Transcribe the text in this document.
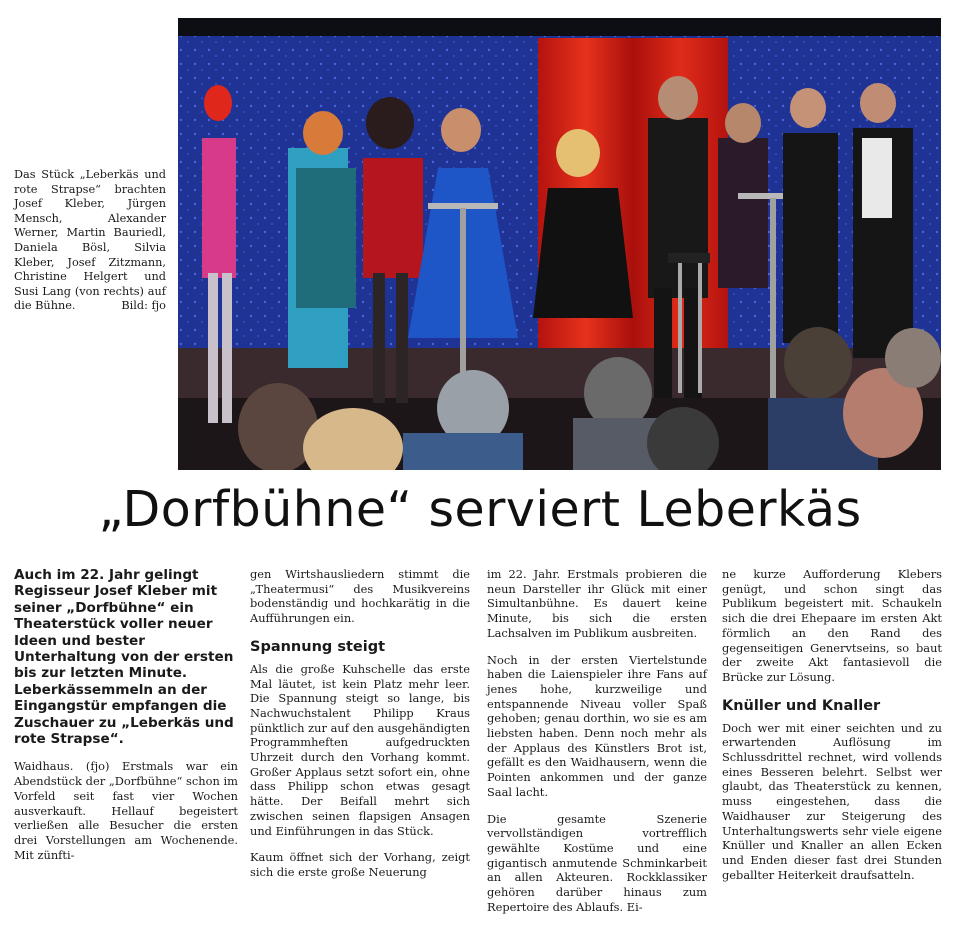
Das Stück „Leberkäs und rote Strapse“ brachten Josef Kleber, Jürgen Mensch, Alexander Werner, Martin Bauriedl, Daniela Bösl, Silvia Kleber, Josef Zitzmann, Christine Helgert und Susi Lang (von rechts) auf die Bühne.	Bild: fjo
„Dorfbühne“ serviert Leberkäs

Auch im 22. Jahr gelingt Regisseur Josef Kleber mit seiner „Dorfbühne“ ein Theaterstück voller neuer Ideen und bester Unterhaltung von der ersten bis zur letzten Minute. Leberkässemmeln an der Eingangstür empfangen die Zuschauer zu „Leberkäs und rote Strapse“.

Waidhaus. (fjo) Erstmals war ein Abendstück der „Dorfbühne“ schon im Vorfeld seit fast vier Wochen ausverkauft. Hellauf begeistert verließen alle Besucher die ersten drei Vorstellungen am Wochenende. Mit zünfti-

gen Wirtshausliedern stimmt die „Theatermusi“ des Musikvereins bodenständig und hochkarätig in die Aufführungen ein.

Spannung steigt

Als die große Kuhschelle das erste Mal läutet, ist kein Platz mehr leer. Die Spannung steigt so lange, bis Nachwuchstalent Philipp Kraus pünktlich zur auf den ausgehändigten Programmheften aufgedruckten Uhrzeit durch den Vorhang kommt. Großer Applaus setzt sofort ein, ohne dass Philipp schon etwas gesagt hätte. Der Beifall mehrt sich zwischen seinen flapsigen Ansagen und Einführungen in das Stück.

Kaum öffnet sich der Vorhang, zeigt sich die erste große Neuerung

im 22. Jahr. Erstmals probieren die neun Darsteller ihr Glück mit einer Simultanbühne. Es dauert keine Minute, bis sich die ersten Lachsalven im Publikum ausbreiten.

Noch in der ersten Viertelstunde haben die Laienspieler ihre Fans auf jenes hohe, kurzweilige und entspannende Niveau voller Spaß gehoben; genau dorthin, wo sie es am liebsten haben. Denn noch mehr als der Applaus des Künstlers Brot ist, gefällt es den Waidhausern, wenn die Pointen ankommen und der ganze Saal lacht.

Die gesamte Szenerie vervollständigen vortrefflich gewählte Kostüme und eine gigantisch anmutende Schminkarbeit an allen Akteuren. Rockklassiker gehören darüber hinaus zum Repertoire des Ablaufs. Ei-

ne kurze Aufforderung Klebers genügt, und schon singt das Publikum begeistert mit. Schaukeln sich die drei Ehepaare im ersten Akt förmlich an den Rand des gegenseitigen Genervtseins, so baut der zweite Akt fantasievoll die Brücke zur Lösung.

Knüller und Knaller

Doch wer mit einer seichten und zu erwartenden Auflösung im Schlussdrittel rechnet, wird vollends eines Besseren belehrt. Selbst wer glaubt, das Theaterstück zu kennen, muss eingestehen, dass die Waidhauser zur Steigerung des Unterhaltungswerts sehr viele eigene Knüller und Knaller an allen Ecken und Enden dieser fast drei Stunden geballter Heiterkeit draufsatteln.
